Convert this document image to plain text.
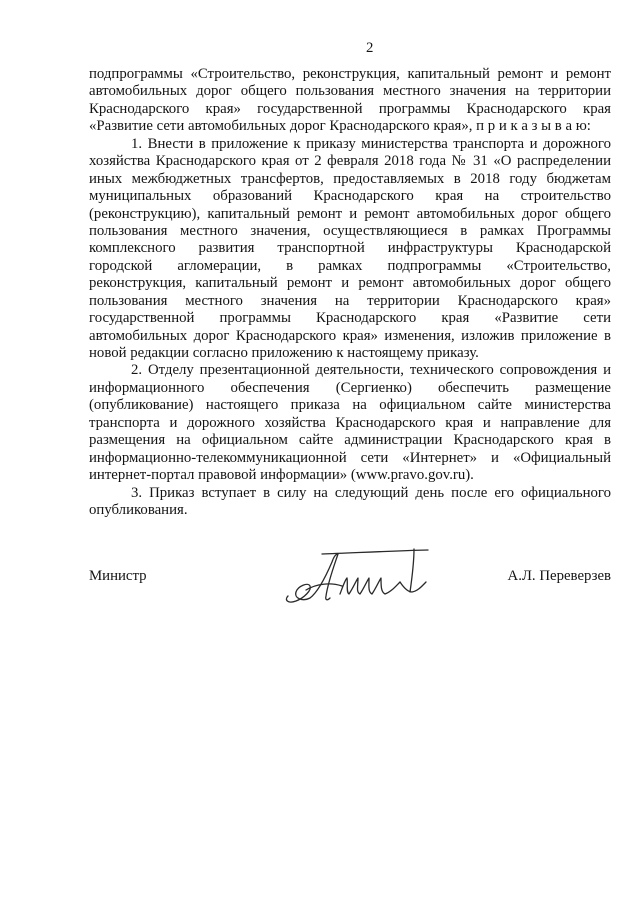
2
подпрограммы «Строительство, реконструкция, капитальный ремонт и ремонт
автомобильных дорог общего пользования местного значения на территории
Краснодарского края» государственной программы Краснодарского края
«Развитие сети автомобильных дорог Краснодарского края», п р и к а з ы в а ю:
1. Внести в приложение к приказу министерства транспорта и дорожного
хозяйства Краснодарского края от 2 февраля 2018 года № 31 «О распределении
иных межбюджетных трансфертов, предоставляемых в 2018 году бюджетам
муниципальных образований Краснодарского края на строительство
(реконструкцию), капитальный ремонт и ремонт автомобильных дорог общего
пользования местного значения, осуществляющиеся в рамках Программы
комплексного развития транспортной инфраструктуры Краснодарской
городской агломерации, в рамках подпрограммы «Строительство,
реконструкция, капитальный ремонт и ремонт автомобильных дорог общего
пользования местного значения на территории Краснодарского края»
государственной программы Краснодарского края «Развитие сети
автомобильных дорог Краснодарского края» изменения, изложив приложение в
новой редакции согласно приложению к настоящему приказу.
2. Отделу презентационной деятельности, технического сопровождения и
информационного обеспечения (Сергиенко) обеспечить размещение
(опубликование) настоящего приказа на официальном сайте министерства
транспорта и дорожного хозяйства Краснодарского края и направление для
размещения на официальном сайте администрации Краснодарского края в
информационно-телекоммуникационной сети «Интернет» и «Официальный
интернет-портал правовой информации» (www.pravo.gov.ru).
3. Приказ вступает в силу на следующий день после его официального
опубликования.
Министр	А.Л. Переверзев
